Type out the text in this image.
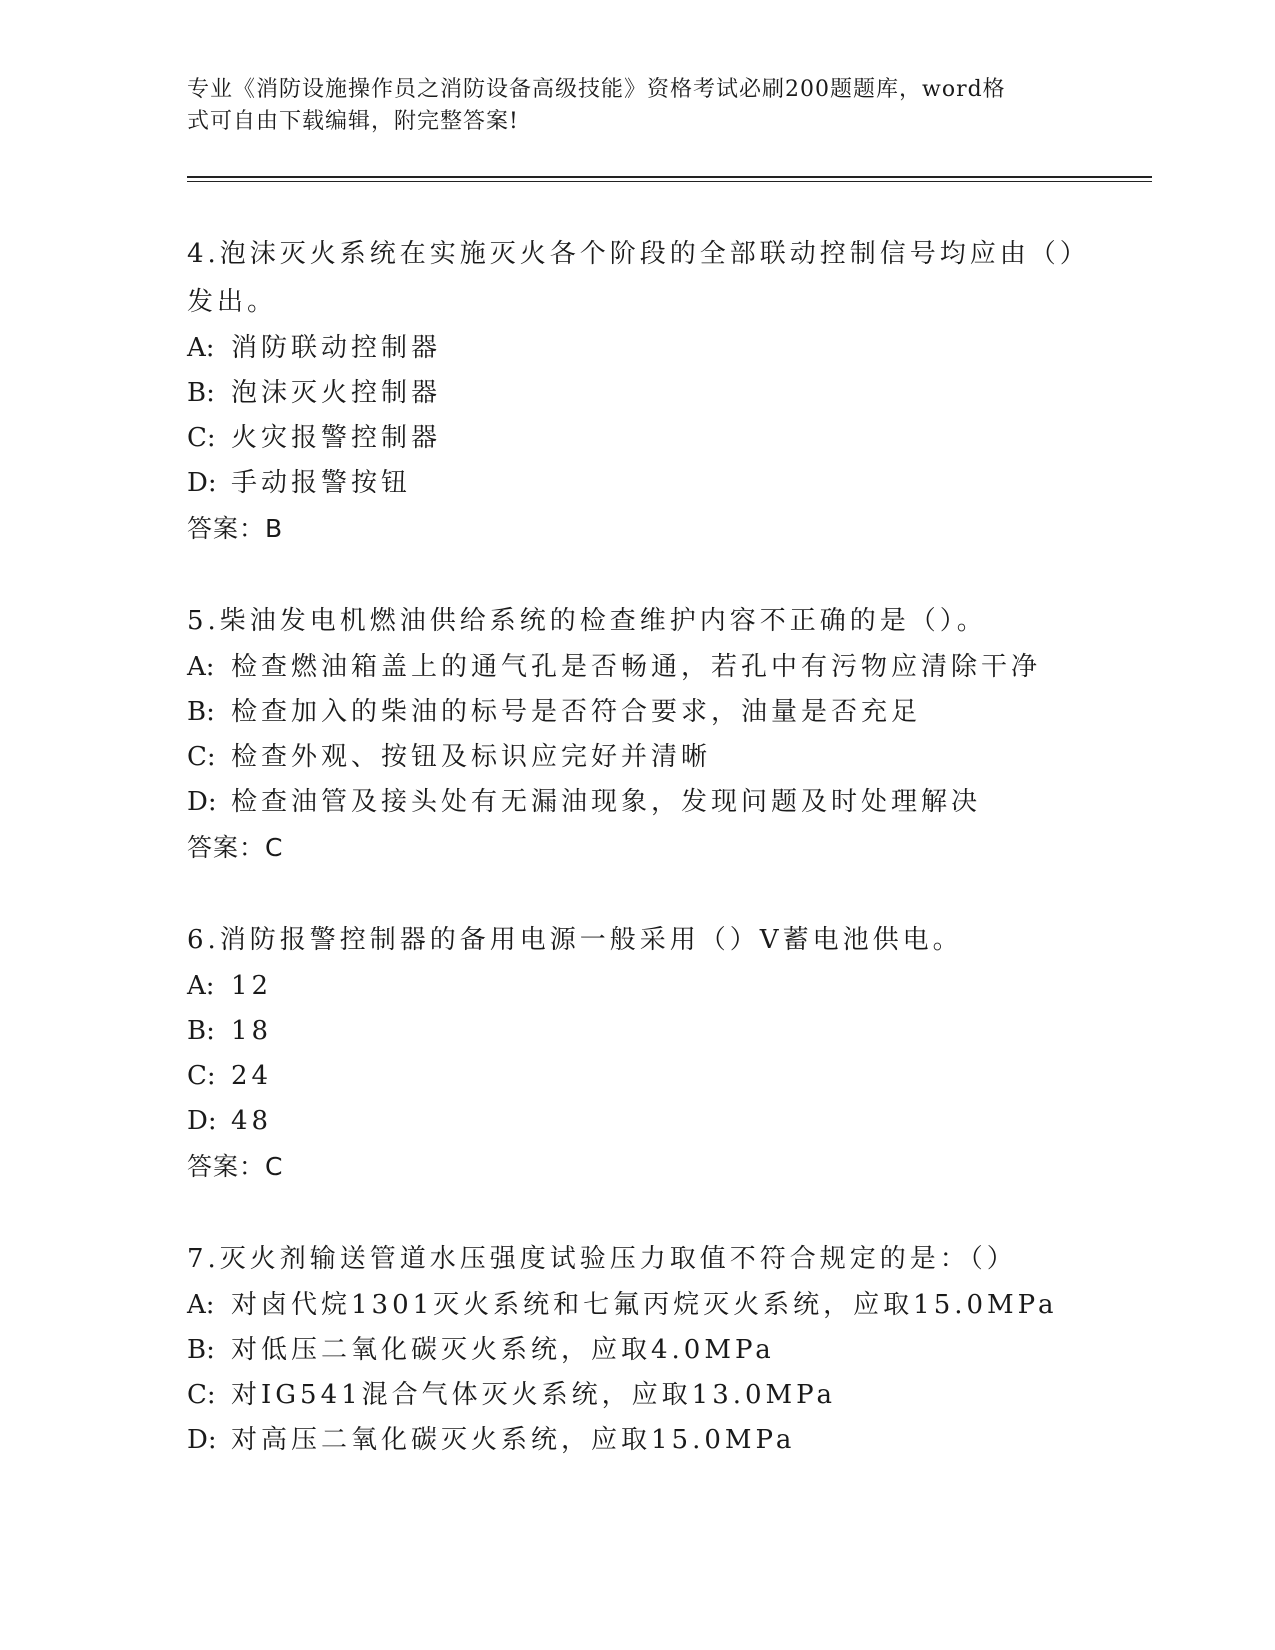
专业《消防设施操作员之消防设备高级技能》资格考试必刷200题题库，word格
式可自由下载编辑，附完整答案!
4.泡沫灭火系统在实施灭火各个阶段的全部联动控制信号均应由（）发出。
A: 消防联动控制器
B: 泡沫灭火控制器
C: 火灾报警控制器
D: 手动报警按钮
答案：B
5.柴油发电机燃油供给系统的检查维护内容不正确的是（）。
A: 检查燃油箱盖上的通气孔是否畅通，若孔中有污物应清除干净
B: 检查加入的柴油的标号是否符合要求，油量是否充足
C: 检查外观、按钮及标识应完好并清晰
D: 检查油管及接头处有无漏油现象，发现问题及时处理解决
答案：C
6.消防报警控制器的备用电源一般采用（）V蓄电池供电。
A: 12
B: 18
C: 24
D: 48
答案：C
7.灭火剂输送管道水压强度试验压力取值不符合规定的是：（）
A: 对卤代烷1301灭火系统和七氟丙烷灭火系统，应取15.0MPa
B: 对低压二氧化碳灭火系统，应取4.0MPa
C: 对IG541混合气体灭火系统，应取13.0MPa
D: 对高压二氧化碳灭火系统，应取15.0MPa
